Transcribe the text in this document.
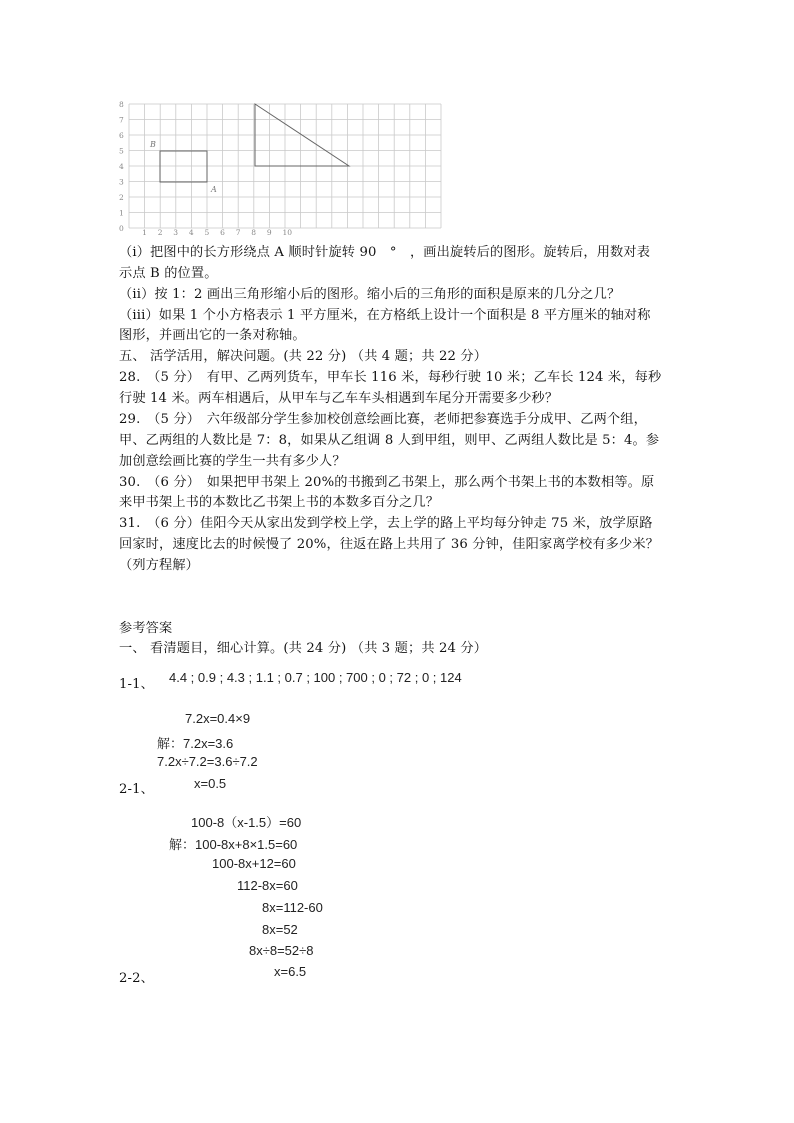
0
1
2
3
4
5
6
7
8
1 2 3 4 5 6 7 8 9 10
B
A
（i）把图中的长方形绕点 A 顺时针旋转 90　°　，画出旋转后的图形。旋转后，用数对表
示点 B 的位置。
（ii）按 1：2 画出三角形缩小后的图形。缩小后的三角形的面积是原来的几分之几？
（iii）如果 1 个小方格表示 1 平方厘米，在方格纸上设计一个面积是 8 平方厘米的轴对称
图形，并画出它的一条对称轴。
五、 活学活用，解决问题。(共 22 分) （共 4 题；共 22 分）
28.　（5 分）　有甲、乙两列货车，甲车长 116 米，每秒行驶 10 米；乙车长 124 米，每秒
行驶 14 米。两车相遇后，从甲车与乙车车头相遇到车尾分开需要多少秒？
29.　（5 分）　六年级部分学生参加校创意绘画比赛，老师把参赛选手分成甲、乙两个组，
甲、乙两组的人数比是 7：8，如果从乙组调 8 人到甲组，则甲、乙两组人数比是 5：4。参
加创意绘画比赛的学生一共有多少人？
30.　（6 分）　如果把甲书架上 20%的书搬到乙书架上，那么两个书架上书的本数相等。原
来甲书架上书的本数比乙书架上书的本数多百分之几？
31.　（6 分）佳阳今天从家出发到学校上学，去上学的路上平均每分钟走 75 米，放学原路
回家时，速度比去的时候慢了 20%，往返在路上共用了 36 分钟，佳阳家离学校有多少米？
（列方程解）
参考答案
一、 看清题目，细心计算。(共 24 分) （共 3 题；共 24 分）
1-1、 4.4 ; 0.9 ; 4.3 ; 1.1 ; 0.7 ; 100 ; 700 ; 0 ; 72 ; 0 ; 124
7.2x=0.4×9
解：7.2x=3.6
7.2x÷7.2=3.6÷7.2
x=0.5
2-1、
100-8（x-1.5）=60
解：100-8x+8×1.5=60
100-8x+12=60
112-8x=60
8x=112-60
8x=52
8x÷8=52÷8
x=6.5
2-2、
